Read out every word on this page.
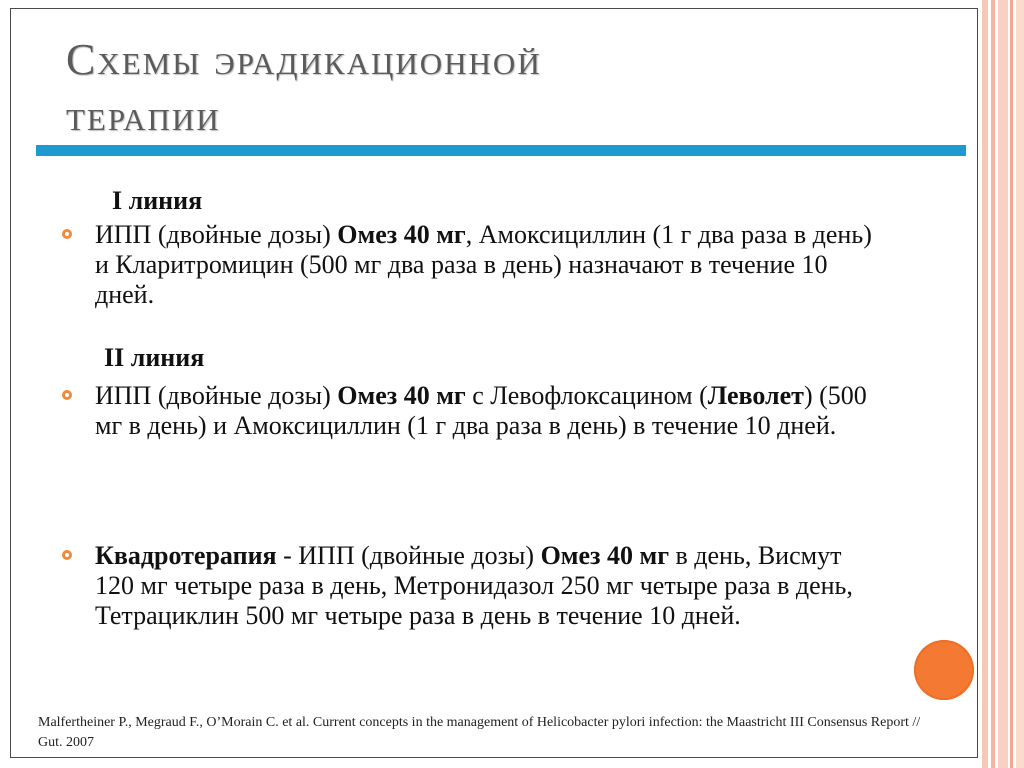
Схемы эрадикационной
терапии

I линия

ИПП (двойные дозы) Омез 40 мг, Амоксициллин (1 г два раза в день) и Кларитромицин (500 мг два раза в день) назначают в течение 10 дней.

II линия

ИПП (двойные дозы) Омез 40 мг с Левофлоксацином (Леволет) (500 мг в день) и Амоксициллин (1 г два раза в день) в течение 10 дней.
Квадротерапия - ИПП (двойные дозы) Омез 40 мг в день, Висмут 120 мг четыре раза в день, Метронидазол 250 мг четыре раза в день, Тетрациклин 500 мг четыре раза в день в течение 10 дней.
Malfertheiner P., Megraud F., O’Morain C. et al. Current concepts in the management of Helicobacter pylori infection: the Maastricht III Consensus Report // Gut. 2007
